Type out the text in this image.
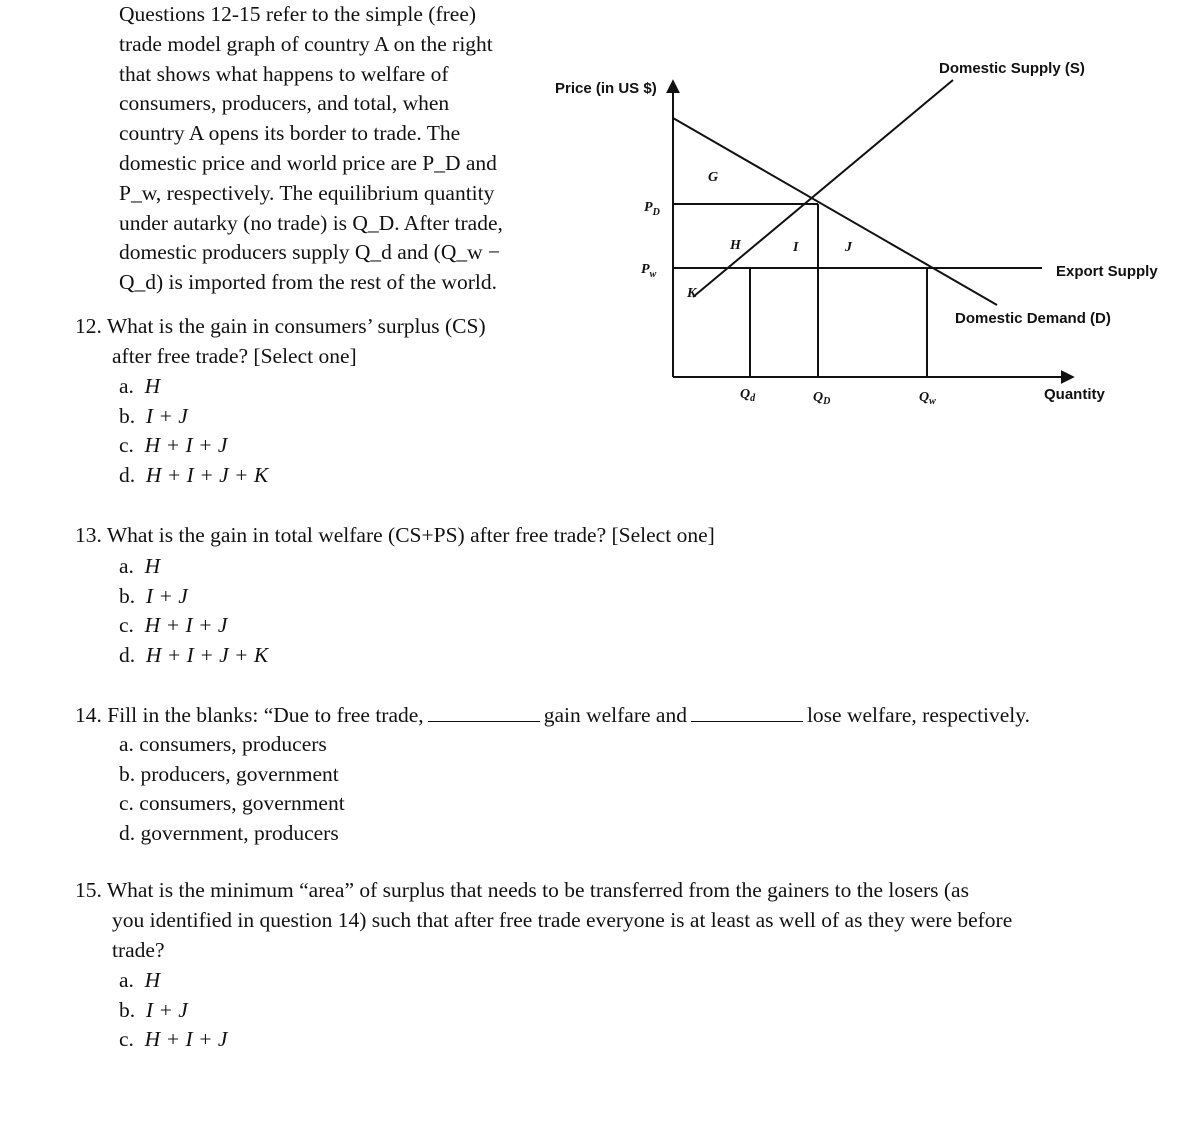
Questions 12-15 refer to the simple (free)
trade model graph of country A on the right
that shows what happens to welfare of
consumers, producers, and total, when
country A opens its border to trade. The
domestic price and world price are P_D and
P_w, respectively. The equilibrium quantity
under autarky (no trade) is Q_D. After trade,
domestic producers supply Q_d and (Q_w −
Q_d) is imported from the rest of the world.
Price (in US $)
Quantity
Domestic Supply (S)
Domestic Demand (D)
Export Supply
$P_D$
$P_w$
$Q_d$	$Q_D$	$Q_w$
G
H	I	J
K
12. What is the gain in consumers’ surplus (CS)
after free trade? [Select one]
a. H
b. I + J
c. H + I + J
d. H + I + J + K
13. What is the gain in total welfare (CS+PS) after free trade? [Select one]
a. H
b. I + J
c. H + I + J
d. H + I + J + K
14. Fill in the blanks: “Due to free trade,	gain welfare and	lose welfare, respectively.
a. consumers, producers
b. producers, government
c. consumers, government
d. government, producers
15. What is the minimum “area” of surplus that needs to be transferred from the gainers to the losers (as
you identified in question 14) such that after free trade everyone is at least as well of as they were before
trade?
a. H
b. I + J
c. H + I + J
